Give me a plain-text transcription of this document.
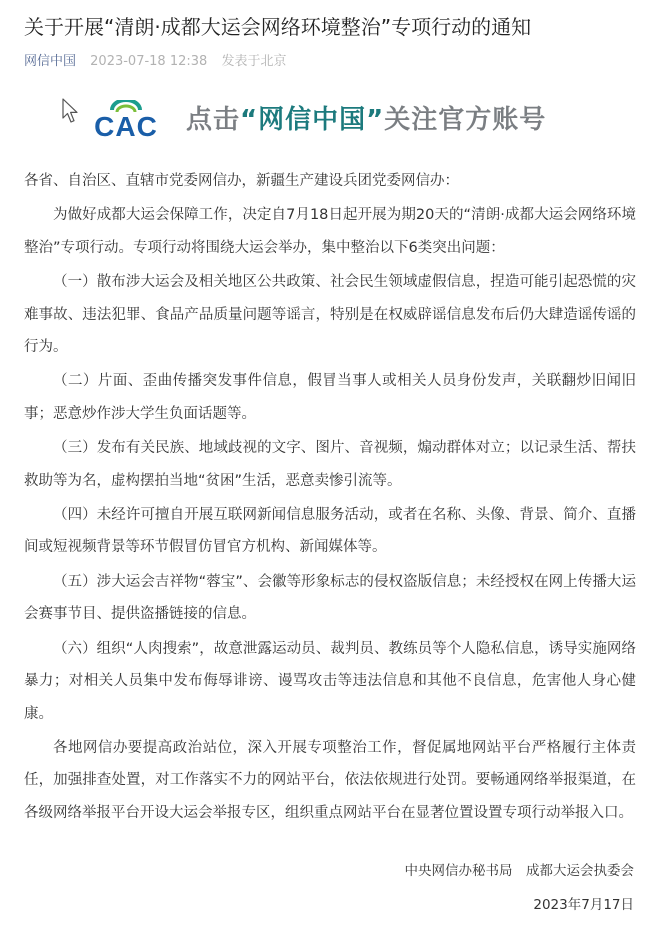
关于开展“清朗·成都大运会网络环境整治”专项行动的通知
网信中国 2023-07-18 12:38 发表于北京
CAC 点击“网信中国”关注官方账号

各省、自治区、直辖市党委网信办，新疆生产建设兵团党委网信办：

为做好成都大运会保障工作，决定自7月18日起开展为期20天的“清朗·成都大运会网络环境整治”专项行动。专项行动将围绕大运会举办，集中整治以下6类突出问题：

（一）散布涉大运会及相关地区公共政策、社会民生领域虚假信息，捏造可能引起恐慌的灾难事故、违法犯罪、食品产品质量问题等谣言，特别是在权威辟谣信息发布后仍大肆造谣传谣的行为。

（二）片面、歪曲传播突发事件信息，假冒当事人或相关人员身份发声，关联翻炒旧闻旧事；恶意炒作涉大学生负面话题等。

（三）发布有关民族、地域歧视的文字、图片、音视频，煽动群体对立；以记录生活、帮扶救助等为名，虚构摆拍当地“贫困”生活，恶意卖惨引流等。

（四）未经许可擅自开展互联网新闻信息服务活动，或者在名称、头像、背景、简介、直播间或短视频背景等环节假冒仿冒官方机构、新闻媒体等。

（五）涉大运会吉祥物“蓉宝”、会徽等形象标志的侵权盗版信息；未经授权在网上传播大运会赛事节目、提供盗播链接的信息。

（六）组织“人肉搜索”，故意泄露运动员、裁判员、教练员等个人隐私信息，诱导实施网络暴力；对相关人员集中发布侮辱诽谤、谩骂攻击等违法信息和其他不良信息，危害他人身心健康。

各地网信办要提高政治站位，深入开展专项整治工作，督促属地网站平台严格履行主体责任，加强排查处置，对工作落实不力的网站平台，依法依规进行处罚。要畅通网络举报渠道，在各级网络举报平台开设大运会举报专区，组织重点网站平台在显著位置设置专项行动举报入口。

中央网信办秘书局　成都大运会执委会
2023年7月17日
